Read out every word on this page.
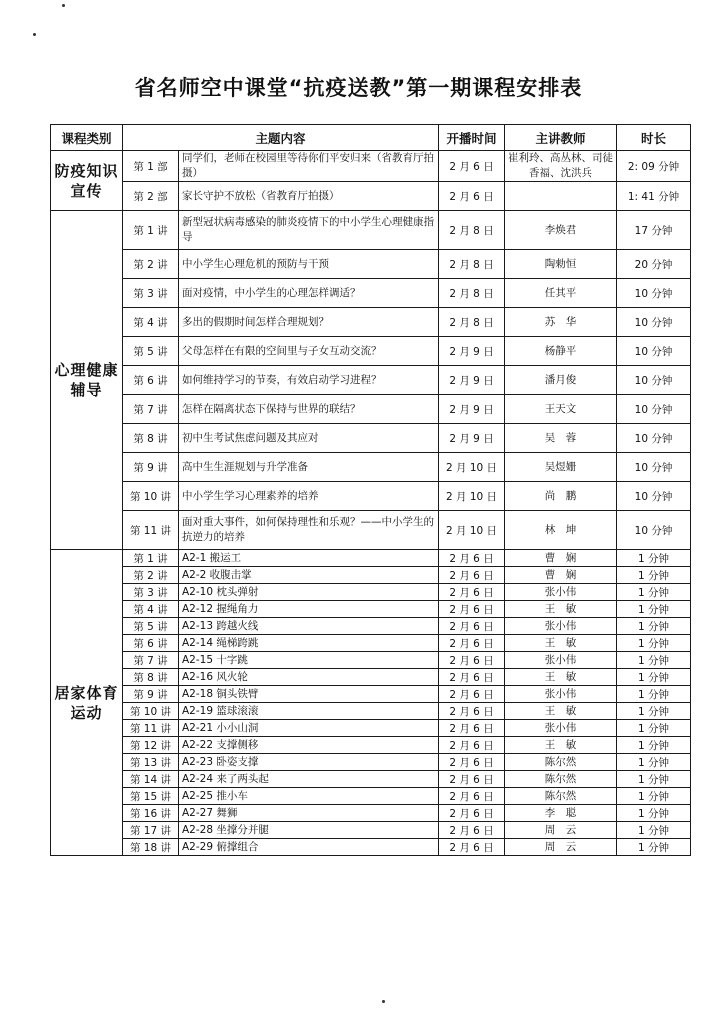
省名师空中课堂“抗疫送教”第一期课程安排表
课程类别	主题内容		开播时间	主讲教师	时长
防疫知识宣传	第 1 部	同学们，老师在校园里等待你们平安归来（省教育厅拍摄）	2 月 6 日	崔利玲、高丛林、司徒香福、沈洪兵	2: 09 分钟
	第 2 部	家长守护不放松（省教育厅拍摄）	2 月 6 日		1: 41 分钟
心理健康辅导	第 1 讲	新型冠状病毒感染的肺炎疫情下的中小学生心理健康指导	2 月 8 日	李焕君	17 分钟
	第 2 讲	中小学生心理危机的预防与干预	2 月 8 日	陶勑恒	20 分钟
	第 3 讲	面对疫情，中小学生的心理怎样调适？	2 月 8 日	任其平	10 分钟
	第 4 讲	多出的假期时间怎样合理规划？	2 月 8 日	苏　华	10 分钟
	第 5 讲	父母怎样在有限的空间里与子女互动交流？	2 月 9 日	杨静平	10 分钟
	第 6 讲	如何维持学习的节奏，有效启动学习进程？	2 月 9 日	潘月俊	10 分钟
	第 7 讲	怎样在隔离状态下保持与世界的联结？	2 月 9 日	王天文	10 分钟
	第 8 讲	初中生考试焦虑问题及其应对	2 月 9 日	吴　蓉	10 分钟
	第 9 讲	高中生生涯规划与升学准备	2 月 10 日	吴煜姗	10 分钟
	第 10 讲	中小学生学习心理素养的培养	2 月 10 日	尚　鹏	10 分钟
	第 11 讲	面对重大事件，如何保持理性和乐观？——中小学生的抗逆力的培养	2 月 10 日	林　坤	10 分钟
居家体育运动	第 1 讲	A2-1 搬运工	2 月 6 日	曹　娴	1 分钟
	第 2 讲	A2-2 收腹击掌	2 月 6 日	曹　娴	1 分钟
	第 3 讲	A2-10 枕头弹射	2 月 6 日	张小伟	1 分钟
	第 4 讲	A2-12 握绳角力	2 月 6 日	王　敏	1 分钟
	第 5 讲	A2-13 跨越火线	2 月 6 日	张小伟	1 分钟
	第 6 讲	A2-14 绳梯跨跳	2 月 6 日	王　敏	1 分钟
	第 7 讲	A2-15 十字跳	2 月 6 日	张小伟	1 分钟
	第 8 讲	A2-16 风火轮	2 月 6 日	王　敏	1 分钟
	第 9 讲	A2-18 铜头铁臂	2 月 6 日	张小伟	1 分钟
	第 10 讲	A2-19 篮球滚滚	2 月 6 日	王　敏	1 分钟
	第 11 讲	A2-21 小小山洞	2 月 6 日	张小伟	1 分钟
	第 12 讲	A2-22 支撑侧移	2 月 6 日	王　敏	1 分钟
	第 13 讲	A2-23 卧姿支撑	2 月 6 日	陈尔然	1 分钟
	第 14 讲	A2-24 来了两头起	2 月 6 日	陈尔然	1 分钟
	第 15 讲	A2-25 推小车	2 月 6 日	陈尔然	1 分钟
	第 16 讲	A2-27 舞狮	2 月 6 日	李　聪	1 分钟
	第 17 讲	A2-28 坐撑分并腿	2 月 6 日	周　云	1 分钟
	第 18 讲	A2-29 俯撑组合	2 月 6 日	周　云	1 分钟
